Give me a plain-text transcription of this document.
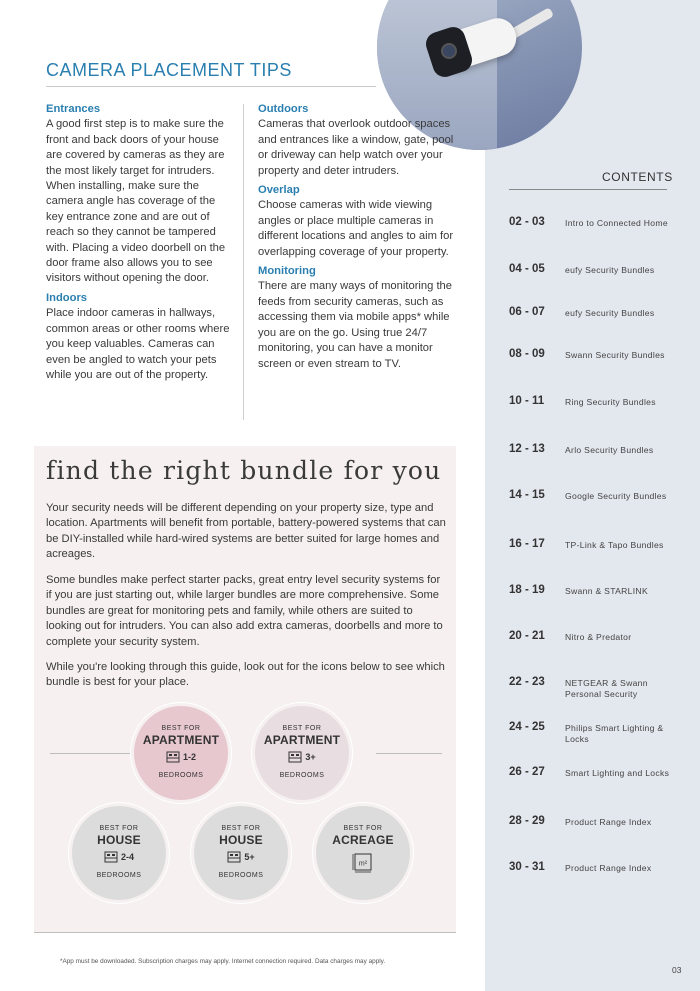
CAMERA PLACEMENT TIPS
Entrances
A good first step is to make sure the front and back doors of your house are covered by cameras as they are the most likely target for intruders. When installing, make sure the camera angle has coverage of the key entrance zone and are out of reach so they cannot be tampered with. Placing a video doorbell on the door frame also allows you to see visitors without opening the door.
Indoors
Place indoor cameras in hallways, common areas or other rooms where you keep valuables. Cameras can even be angled to watch your pets while you are out of the property.
Outdoors
Cameras that overlook outdoor spaces and entrances like a window, gate, pool or driveway can help watch over your property and deter intruders.
Overlap
Choose cameras with wide viewing angles or place multiple cameras in different locations and angles to aim for overlapping coverage of your property.
Monitoring
There are many ways of monitoring the feeds from security cameras, such as accessing them via mobile apps* while you are on the go. Using true 24/7 monitoring, you can have a monitor screen or even stream to TV.
find the right bundle for you
Your security needs will be different depending on your property size, type and location. Apartments will benefit from portable, battery-powered systems that can be DIY-installed while hard-wired systems are better suited for large homes and acreages.
Some bundles make perfect starter packs, great entry level security systems for if you are just starting out, while larger bundles are more comprehensive. Some bundles are great for monitoring pets and family, while others are suited to looking out for intruders. You can also add extra cameras, doorbells and more to complete your security system.
While you're looking through this guide, look out for the icons below to see which bundle is best for your place.
BEST FOR
APARTMENT
1-2
BEDROOMS
BEST FOR
APARTMENT
3+
BEDROOMS
BEST FOR
HOUSE
2-4
BEDROOMS
BEST FOR
HOUSE
5+
BEDROOMS
BEST FOR
ACREAGE
m²
*App must be downloaded. Subscription charges may apply. Internet connection required. Data charges may apply.
CONTENTS
02 - 03 Intro to Connected Home
04 - 05 eufy Security Bundles
06 - 07 eufy Security Bundles
08 - 09 Swann Security Bundles
10 - 11 Ring Security Bundles
12 - 13 Arlo Security Bundles
14 - 15 Google Security Bundles
16 - 17 TP-Link & Tapo Bundles
18 - 19 Swann & STARLINK
20 - 21 Nitro & Predator
22 - 23 NETGEAR & Swann Personal Security
24 - 25 Philips Smart Lighting & Locks
26 - 27 Smart Lighting and Locks
28 - 29 Product Range Index
30 - 31 Product Range Index
03
